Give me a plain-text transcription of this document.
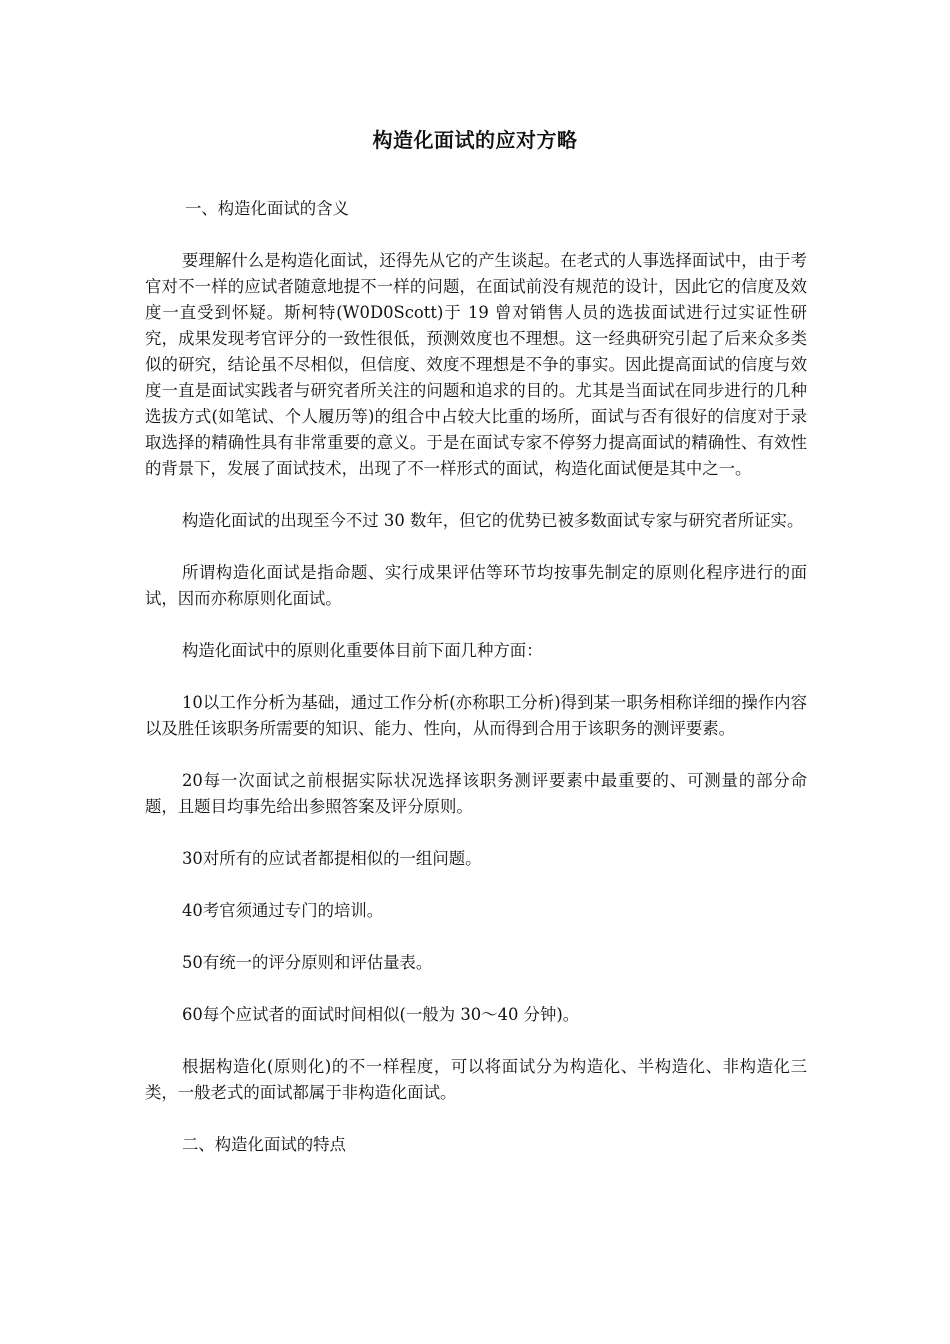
构造化面试的应对方略

一、构造化面试的含义

要理解什么是构造化面试，还得先从它的产生谈起。在老式的人事选择面试中，由于考官对不一样的应试者随意地提不一样的问题，在面试前没有规范的设计，因此它的信度及效度一直受到怀疑。斯柯特(W0D0Scott)于 19 曾对销售人员的选拔面试进行过实证性研究，成果发现考官评分的一致性很低，预测效度也不理想。这一经典研究引起了后来众多类似的研究，结论虽不尽相似，但信度、效度不理想是不争的事实。因此提高面试的信度与效度一直是面试实践者与研究者所关注的问题和追求的目的。尤其是当面试在同步进行的几种选拔方式(如笔试、个人履历等)的组合中占较大比重的场所，面试与否有很好的信度对于录取选择的精确性具有非常重要的意义。于是在面试专家不停努力提高面试的精确性、有效性的背景下，发展了面试技术，出现了不一样形式的面试，构造化面试便是其中之一。

构造化面试的出现至今不过 30 数年，但它的优势已被多数面试专家与研究者所证实。

所谓构造化面试是指命题、实行成果评估等环节均按事先制定的原则化程序进行的面试，因而亦称原则化面试。

构造化面试中的原则化重要体目前下面几种方面：

10以工作分析为基础，通过工作分析(亦称职工分析)得到某一职务相称详细的操作内容以及胜任该职务所需要的知识、能力、性向，从而得到合用于该职务的测评要素。

20每一次面试之前根据实际状况选择该职务测评要素中最重要的、可测量的部分命题，且题目均事先给出参照答案及评分原则。

30对所有的应试者都提相似的一组问题。

40考官须通过专门的培训。

50有统一的评分原则和评估量表。

60每个应试者的面试时间相似(一般为 30～40 分钟)。

根据构造化(原则化)的不一样程度，可以将面试分为构造化、半构造化、非构造化三类，一般老式的面试都属于非构造化面试。

二、构造化面试的特点
